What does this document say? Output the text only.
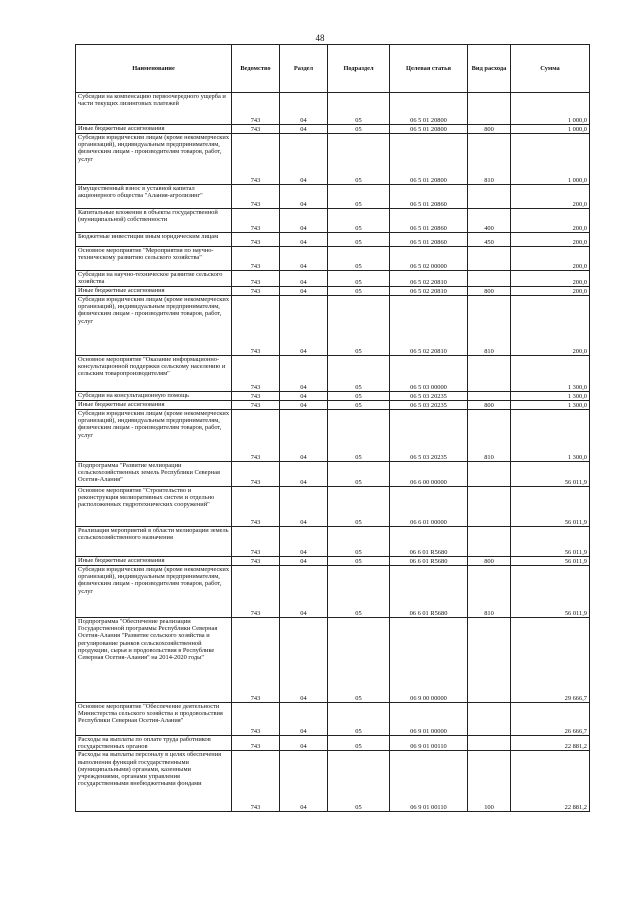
48
Наименование	Ведомство	Раздел	Подраздел	Целевая статья	Вид расхода	Сумма
Субсидии на компенсацию первоочередного ущерба и части текущих лизинговых платежей	743	04	05	06 5 01 20800		1 000,0
Иные бюджетные ассигнования	743	04	05	06 5 01 20800	800	1 000,0
Субсидии юридическим лицам (кроме некоммерческих организаций), индивидуальным предпринимателям, физическим лицам - производителям товаров, работ, услуг	743	04	05	06 5 01 20800	810	1 000,0
Имущественный взнос в уставной капитал акционерного общества "Алания-агролизинг"	743	04	05	06 5 01 20860		200,0
Капитальные вложения в объекты государственной (муниципальной) собственности	743	04	05	06 5 01 20860	400	200,0
Бюджетные инвестиции иным юридическим лицам	743	04	05	06 5 01 20860	450	200,0
Основное мероприятие "Мероприятия по научно-техническому развитию сельского хозяйства"	743	04	05	06 5 02 00000		200,0
Субсидии на научно-техническое развитие сельского хозяйства	743	04	05	06 5 02 20810		200,0
Иные бюджетные ассигнования	743	04	05	06 5 02 20810	800	200,0
Субсидии юридическим лицам (кроме некоммерческих организаций), индивидуальным предпринимателям, физическим лицам - производителям товаров, работ, услуг	743	04	05	06 5 02 20810	810	200,0
Основное мероприятие "Оказание информационно-консультационной поддержки сельскому населению и сельским товаропроизводителям"	743	04	05	06 5 03 00000		1 300,0
Субсидии на консультационную помощь	743	04	05	06 5 03 20235		1 300,0
Иные бюджетные ассигнования	743	04	05	06 5 03 20235	800	1 300,0
Субсидии юридическим лицам (кроме некоммерческих организаций), индивидуальным предпринимателям, физическим лицам - производителям товаров, работ, услуг	743	04	05	06 5 03 20235	810	1 300,0
Подпрограмма "Развитие мелиорации сельскохозяйственных земель Республики Северная Осетия-Алания"	743	04	05	06 6 00 00000		56 011,9
Основное мероприятие "Строительство и реконструкция мелиоративных систем и отдельно расположенных гидротехнических сооружений"	743	04	05	06 6 01 00000		56 011,9
Реализация мероприятий в области мелиорации земель сельскохозяйственного назначения	743	04	05	06 6 01 R5680		56 011,9
Иные бюджетные ассигнования	743	04	05	06 6 01 R5680	800	56 011,9
Субсидии юридическим лицам (кроме некоммерческих организаций), индивидуальным предпринимателям, физическим лицам - производителям товаров, работ, услуг	743	04	05	06 6 01 R5680	810	56 011,9
Подпрограмма "Обеспечение реализации Государственной программы Республики Северная Осетия-Алания "Развитие сельского хозяйства и регулирование рынков сельскохозяйственной продукции, сырья и продовольствия в Республике Северная Осетия-Алания" на 2014-2020 годы"	743	04	05	06 9 00 00000		29 666,7
Основное мероприятие "Обеспечение деятельности Министерства сельского хозяйства и продовольствия Республики Северная Осетия-Алания"	743	04	05	06 9 01 00000		26 666,7
Расходы на выплаты по оплате труда работников государственных органов	743	04	05	06 9 01 00110		22 881,2
Расходы на выплаты персоналу в целях обеспечения выполнения функций государственными (муниципальными) органами, казенными учреждениями, органами управления государственными внебюджетными фондами	743	04	05	06 9 01 00110	100	22 881,2
